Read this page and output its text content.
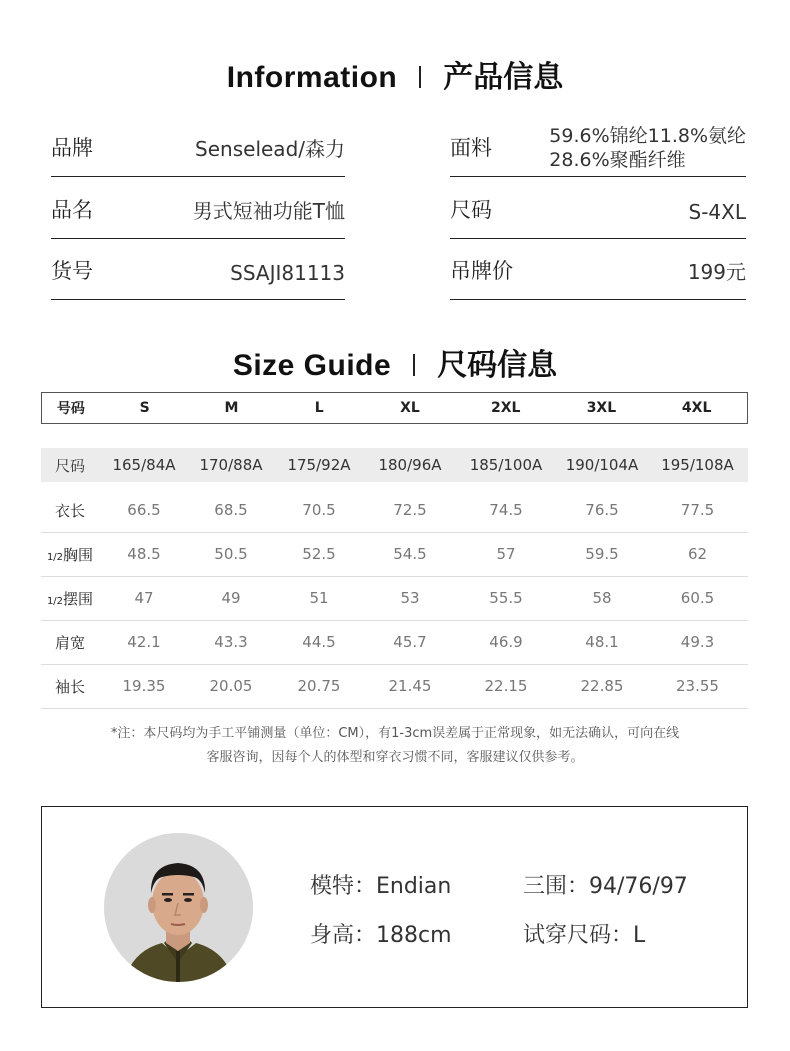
Information 产品信息
品牌	Senselead/森力
品名	男式短袖功能T恤
货号	SSAJI81113
面料	59.6%锦纶11.8%氨纶
28.6%聚酯纤维
尺码	S-4XL
吊牌价	199元
Size Guide 尺码信息
号码	S	M	L	XL	2XL	3XL	4XL
尺码	165/84A	170/88A	175/92A	180/96A	185/100A	190/104A	195/108A
衣长	66.5	68.5	70.5	72.5	74.5	76.5	77.5
1/2胸围	48.5	50.5	52.5	54.5	57	59.5	62
1/2摆围	47	49	51	53	55.5	58	60.5
肩宽	42.1	43.3	44.5	45.7	46.9	48.1	49.3
袖长	19.35	20.05	20.75	21.45	22.15	22.85	23.55
*注：本尺码均为手工平铺测量（单位：CM），有1-3cm误差属于正常现象，如无法确认，可向在线
客服咨询，因每个人的体型和穿衣习惯不同，客服建议仅供参考。
模特：Endian	三围：94/76/97
身高：188cm	试穿尺码：L
